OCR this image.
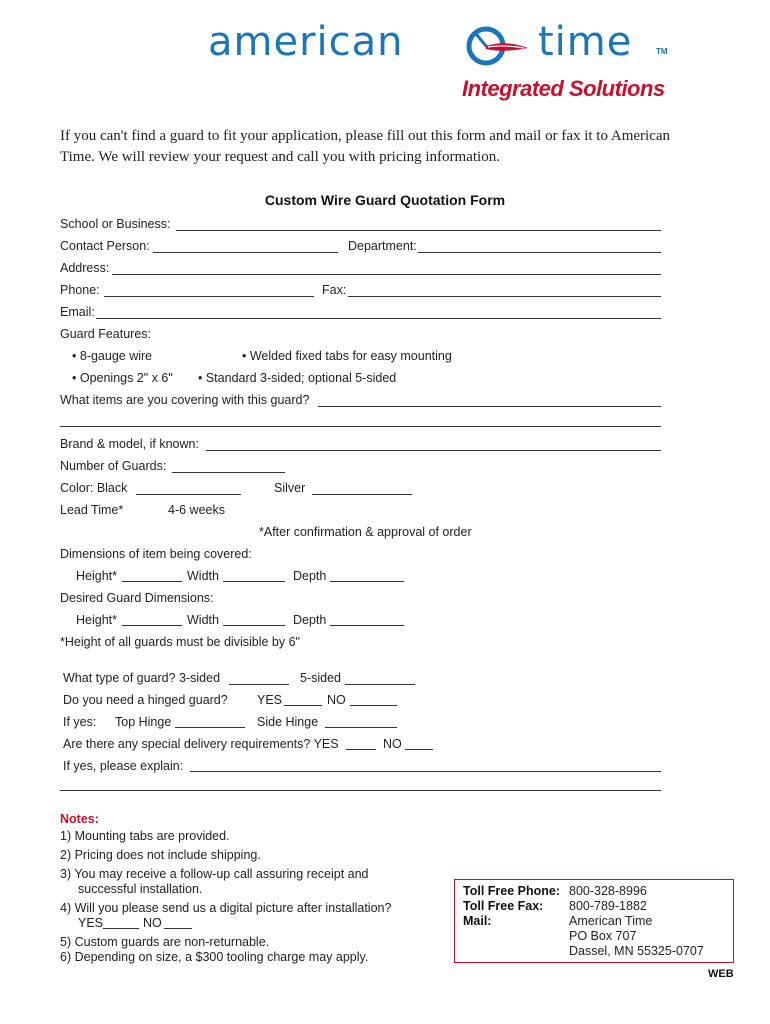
american	time	TM
Integrated Solutions
If you can't find a guard to fit your application, please fill out this form and mail or fax it to American Time. We will review your request and call you with pricing information.
Custom Wire Guard Quotation Form
School or Business:
Contact Person:	Department:
Address:
Phone:	Fax:
Email:
Guard Features:
• 8-gauge wire	• Welded fixed tabs for easy mounting
• Openings 2" x 6" • Standard 3-sided; optional 5-sided
What items are you covering with this guard?
Brand & model, if known:
Number of Guards:
Color: Black	Silver
Lead Time*	4-6 weeks
*After confirmation & approval of order
Dimensions of item being covered:
Height*	Width	Depth
Desired Guard Dimensions:
Height*	Width	Depth
*Height of all guards must be divisible by 6"
What type of guard? 3-sided	5-sided
Do you need a hinged guard? YES	NO
If yes: Top Hinge	Side Hinge
Are there any special delivery requirements? YES	NO
If yes, please explain:
Notes:
1) Mounting tabs are provided.
2) Pricing does not include shipping.
3) You may receive a follow-up call assuring receipt and
successful installation.
4) Will you please send us a digital picture after installation?
YES	NO
5) Custom guards are non-returnable.
6) Depending on size, a $300 tooling charge may apply.
Toll Free Phone: 800-328-8996
Toll Free Fax: 800-789-1882
Mail:	American Time
PO Box 707
Dassel, MN 55325-0707
WEB
